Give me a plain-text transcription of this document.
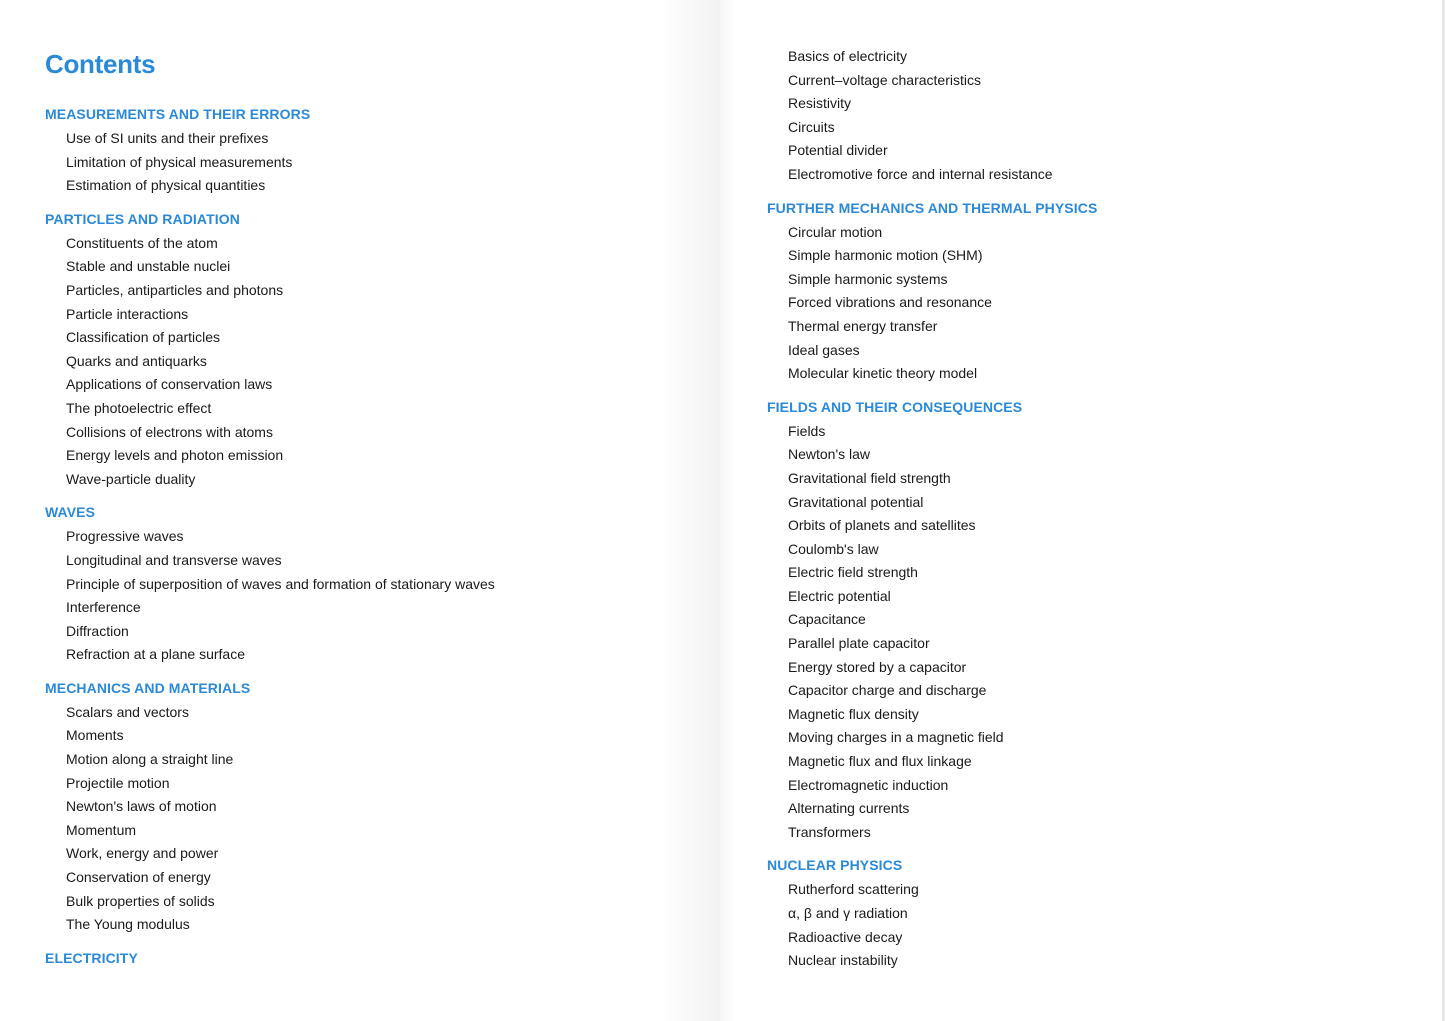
Contents
MEASUREMENTS AND THEIR ERRORS
Use of SI units and their prefixes
Limitation of physical measurements
Estimation of physical quantities
PARTICLES AND RADIATION
Constituents of the atom
Stable and unstable nuclei
Particles, antiparticles and photons
Particle interactions
Classification of particles
Quarks and antiquarks
Applications of conservation laws
The photoelectric effect
Collisions of electrons with atoms
Energy levels and photon emission
Wave-particle duality
WAVES
Progressive waves
Longitudinal and transverse waves
Principle of superposition of waves and formation of stationary waves
Interference
Diffraction
Refraction at a plane surface
MECHANICS AND MATERIALS
Scalars and vectors
Moments
Motion along a straight line
Projectile motion
Newton's laws of motion
Momentum
Work, energy and power
Conservation of energy
Bulk properties of solids
The Young modulus
ELECTRICITY
Basics of electricity
Current–voltage characteristics
Resistivity
Circuits
Potential divider
Electromotive force and internal resistance
FURTHER MECHANICS AND THERMAL PHYSICS
Circular motion
Simple harmonic motion (SHM)
Simple harmonic systems
Forced vibrations and resonance
Thermal energy transfer
Ideal gases
Molecular kinetic theory model
FIELDS AND THEIR CONSEQUENCES
Fields
Newton's law
Gravitational field strength
Gravitational potential
Orbits of planets and satellites
Coulomb's law
Electric field strength
Electric potential
Capacitance
Parallel plate capacitor
Energy stored by a capacitor
Capacitor charge and discharge
Magnetic flux density
Moving charges in a magnetic field
Magnetic flux and flux linkage
Electromagnetic induction
Alternating currents
Transformers
NUCLEAR PHYSICS
Rutherford scattering
α, β and γ radiation
Radioactive decay
Nuclear instability
